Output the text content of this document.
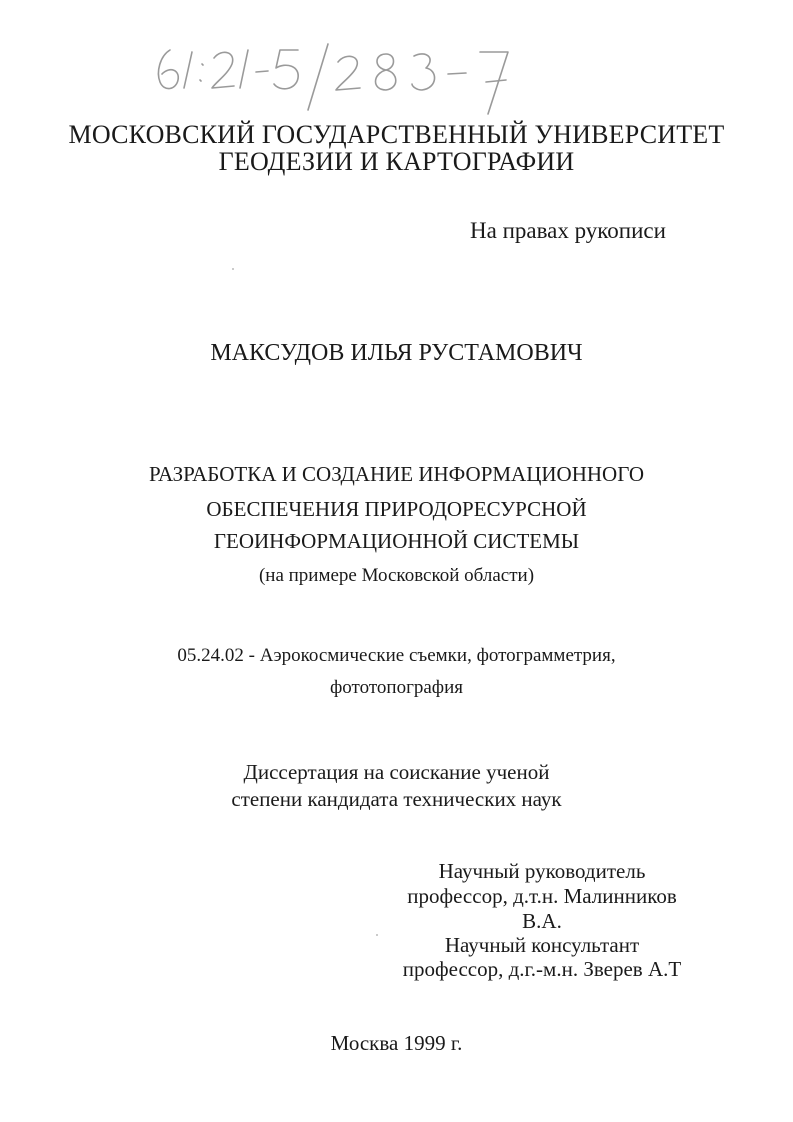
МОСКОВСКИЙ ГОСУДАРСТВЕННЫЙ УНИВЕРСИТЕТ
ГЕОДЕЗИИ И КАРТОГРАФИИ
На правах рукописи
МАКСУДОВ ИЛЬЯ РУСТАМОВИЧ
РАЗРАБОТКА И СОЗДАНИЕ ИНФОРМАЦИОННОГО
ОБЕСПЕЧЕНИЯ ПРИРОДОРЕСУРСНОЙ
ГЕОИНФОРМАЦИОННОЙ СИСТЕМЫ
(на примере Московской области)
05.24.02 - Аэрокосмические съемки, фотограмметрия,
фототопография
Диссертация на соискание ученой
степени кандидата технических наук
Научный руководитель
профессор, д.т.н. Малинников
В.А.
Научный консультант
профессор, д.г.-м.н. Зверев А.Т
Москва 1999 г.
